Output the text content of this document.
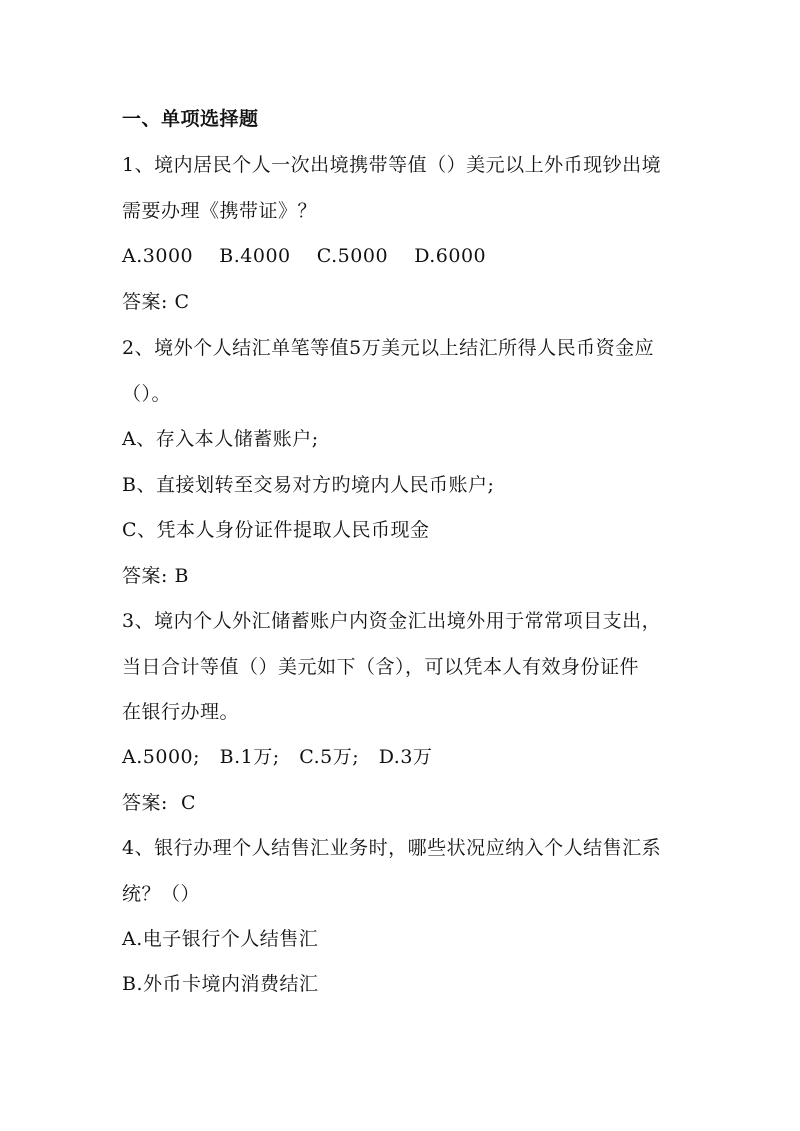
一、单项选择题
1、境内居民个人一次出境携带等值（）美元以上外币现钞出境
需要办理《携带证》？
A.3000    B.4000    C.5000    D.6000
答案: C
2、境外个人结汇单笔等值5万美元以上结汇所得人民币资金应
（）。
A、存入本人储蓄账户;
B、直接划转至交易对方旳境内人民币账户;
C、凭本人身份证件提取人民币现金
答案: B
3、境内个人外汇储蓄账户内资金汇出境外用于常常项目支出，
当日合计等值（）美元如下（含），可以凭本人有效身份证件
在银行办理。
A.5000;   B.1万;   C.5万;   D.3万
答案:  C
4、银行办理个人结售汇业务时，哪些状况应纳入个人结售汇系
统？（）
A.电子银行个人结售汇
B.外币卡境内消费结汇
